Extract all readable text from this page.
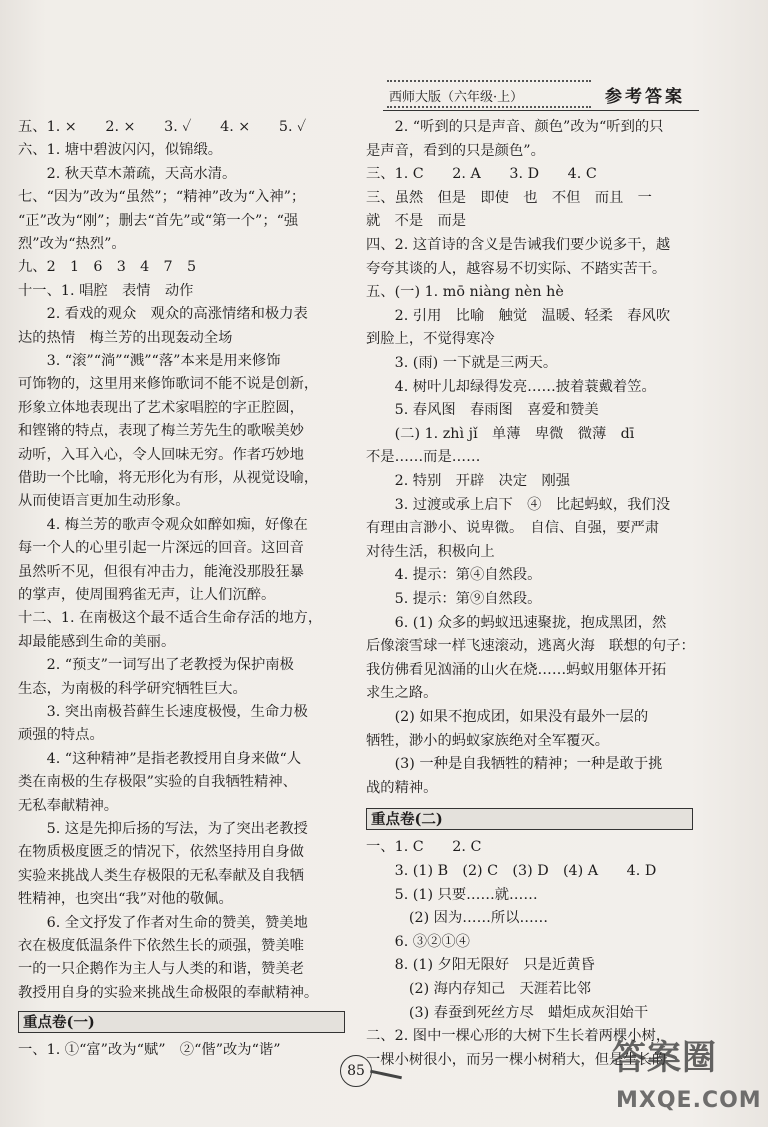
西师大版（六年级·上）	参考答案
五、1. ×　　2. ×　　3. ✓　　4. ×　　5. ✓
六、1. 塘中碧波闪闪，似锦缎。
　　2. 秋天草木萧疏，天高水清。
七、“因为”改为“虽然”；“精神”改为“入神”；
“正”改为“刚”；删去“首先”或“第一个”；“强
烈”改为“热烈”。
九、2　1　6　3　4　7　5
十一、1. 唱腔　表情　动作
　　2. 看戏的观众　观众的高涨情绪和极力表
达的热情　梅兰芳的出现轰动全场
　　3. “滚”“淌”“溅”“落”本来是用来修饰
可饰物的，这里用来修饰歌词不能不说是创新，
形象立体地表现出了艺术家唱腔的字正腔圆，
和铿锵的特点，表现了梅兰芳先生的歌喉美妙
动听，入耳入心，令人回味无穷。作者巧妙地
借助一个比喻，将无形化为有形，从视觉设喻，
从而使语言更加生动形象。
　　4. 梅兰芳的歌声令观众如醉如痴，好像在
每一个人的心里引起一片深远的回音。这回音
虽然听不见，但很有冲击力，能淹没那股狂暴
的掌声，使周围鸦雀无声，让人们沉醉。
十二、1. 在南极这个最不适合生命存活的地方，
却最能感到生命的美丽。
　　2. “预支”一词写出了老教授为保护南极
生态，为南极的科学研究牺牲巨大。
　　3. 突出南极苔藓生长速度极慢，生命力极
顽强的特点。
　　4. “这种精神”是指老教授用自身来做“人
类在南极的生存极限”实验的自我牺牲精神、
无私奉献精神。
　　5. 这是先抑后扬的写法，为了突出老教授
在物质极度匮乏的情况下，依然坚持用自身做
实验来挑战人类生存极限的无私奉献及自我牺
牲精神，也突出“我”对他的敬佩。
　　6. 全文抒发了作者对生命的赞美，赞美地
衣在极度低温条件下依然生长的顽强，赞美唯
一的一只企鹅作为主人与人类的和谐，赞美老
教授用自身的实验来挑战生命极限的奉献精神。
重点卷(一)
一、1. ①“富”改为“赋”　②“偕”改为“谐”
　　2. “听到的只是声音、颜色”改为“听到的只
是声音，看到的只是颜色”。
三、1. C　　2. A　　3. D　　4. C
三、虽然　但是　即使　也　不但　而且　一
就　不是　而是
四、2. 这首诗的含义是告诫我们要少说多干，越
夸夸其谈的人，越容易不切实际、不踏实苦干。
五、(一) 1. mō niàng nèn hè
　　2. 引用　比喻　触觉　温暖、轻柔　春风吹
到脸上，不觉得寒冷
　　3. (雨) 一下就是三两天。
　　4. 树叶儿却绿得发亮……披着蓑戴着笠。
　　5. 春风图　春雨图　喜爱和赞美
　　(二) 1. zhì jǐ　单薄　卑微　微薄　dī
不是……而是……
　　2. 特别　开辟　决定　刚强
　　3. 过渡或承上启下　④　比起蚂蚁，我们没
有理由言渺小、说卑微。　自信、自强，要严肃
对待生活，积极向上
　　4. 提示：第④自然段。
　　5. 提示：第⑨自然段。
　　6. (1) 众多的蚂蚁迅速聚拢，抱成黑团，然
后像滚雪球一样飞速滚动，逃离火海　联想的句子：
我仿佛看见汹涌的山火在烧……蚂蚁用躯体开拓
求生之路。
　　(2) 如果不抱成团，如果没有最外一层的
牺牲，渺小的蚂蚁家族绝对全军覆灭。
　　(3) 一种是自我牺牲的精神；一种是敢于挑
战的精神。
重点卷(二)
一、1. C　　2. C
　　3. (1) B　(2) C　(3) D　(4) A　　4. D
　　5. (1) 只要……就……
　　　(2) 因为……所以……
　　6. ③②①④
　　8. (1) 夕阳无限好　只是近黄昏
　　　(2) 海内存知己　天涯若比邻
　　　(3) 春蚕到死丝方尽　蜡炬成灰泪始干
二、2. 图中一棵心形的大树下生长着两棵小树，
一棵小树很小，而另一棵小树稍大，但是生长的
85	答案圈
MXQE.COM
